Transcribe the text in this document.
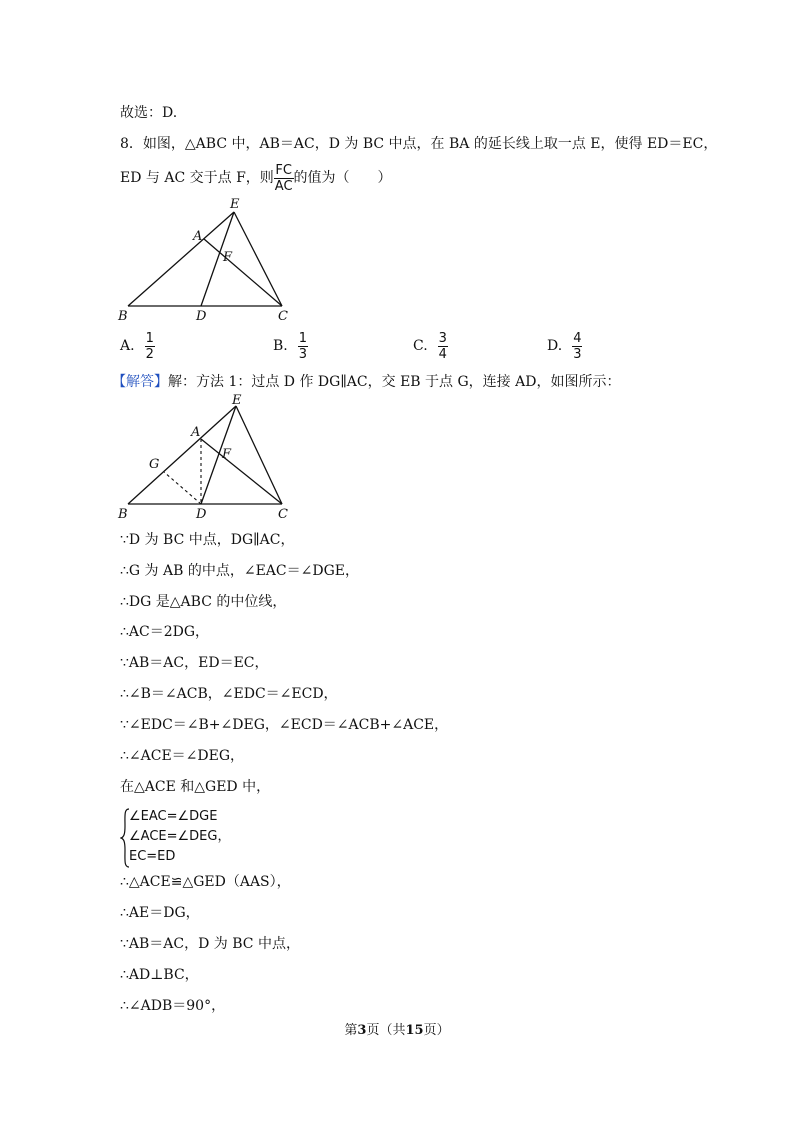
故选：D.
8．如图，△ABC 中，AB＝AC，D 为 BC 中点，在 BA 的延长线上取一点 E，使得 ED＝EC，
ED 与 AC 交于点 F，则 $\frac{FC}{AC}$ 的值为（　　）
E
A
F
B	D	C
A. $\frac{1}{2}$	B. $\frac{1}{3}$	C. $\frac{3}{4}$	D. $\frac{4}{3}$
【解答】解：方法 1：过点 D 作 DG∥AC，交 EB 于点 G，连接 AD，如图所示：
E
A
F
G
B	D	C
∵D 为 BC 中点，DG∥AC，
∴G 为 AB 的中点，∠EAC＝∠DGE，
∴DG 是△ABC 的中位线，
∴AC＝2DG，
∵AB＝AC，ED＝EC，
∴∠B＝∠ACB，∠EDC＝∠ECD，
∵∠EDC＝∠B+∠DEG，∠ECD＝∠ACB+∠ACE，
∴∠ACE＝∠DEG，
在△ACE 和△GED 中，
∠EAC=∠DGE
∠ACE=∠DEG，
EC=ED
∴△ACE≌△GED（AAS），
∴AE＝DG，
∵AB＝AC，D 为 BC 中点，
∴AD⊥BC，
∴∠ADB＝90°，
第3页（共15页）
